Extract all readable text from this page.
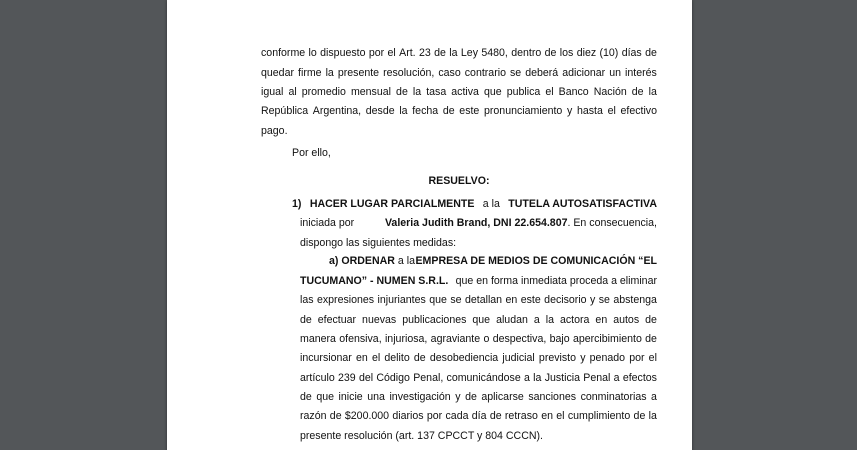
conforme lo dispuesto por el Art. 23 de la Ley 5480, dentro de los diez (10) días de

quedar firme la presente resolución, caso contrario se deberá adicionar un interés

igual al promedio mensual de la tasa activa que publica el Banco Nación de la

República Argentina, desde la fecha de este pronunciamiento y hasta el efectivo

pago.

Por ello,

RESUELVO:

1) HACER LUGAR PARCIALMENTE a la TUTELA AUTOSATISFACTIVA

iniciada por	Valeria Judith Brand, DNI 22.654.807. En consecuencia,

dispongo las siguientes medidas:

a) ORDENAR a la EMPRESA DE MEDIOS DE COMUNICACIÓN “EL

TUCUMANO” - NUMEN S.R.L. que en forma inmediata proceda a eliminar

las expresiones injuriantes que se detallan en este decisorio y se abstenga

de efectuar nuevas publicaciones que aludan a la actora en autos de

manera ofensiva, injuriosa, agraviante o despectiva, bajo apercibimiento de

incursionar en el delito de desobediencia judicial previsto y penado por el

artículo 239 del Código Penal, comunicándose a la Justicia Penal a efectos

de que inicie una investigación y de aplicarse sanciones conminatorias a

razón de $200.000 diarios por cada día de retraso en el cumplimiento de la

presente resolución (art. 137 CPCCT y 804 CCCN).
